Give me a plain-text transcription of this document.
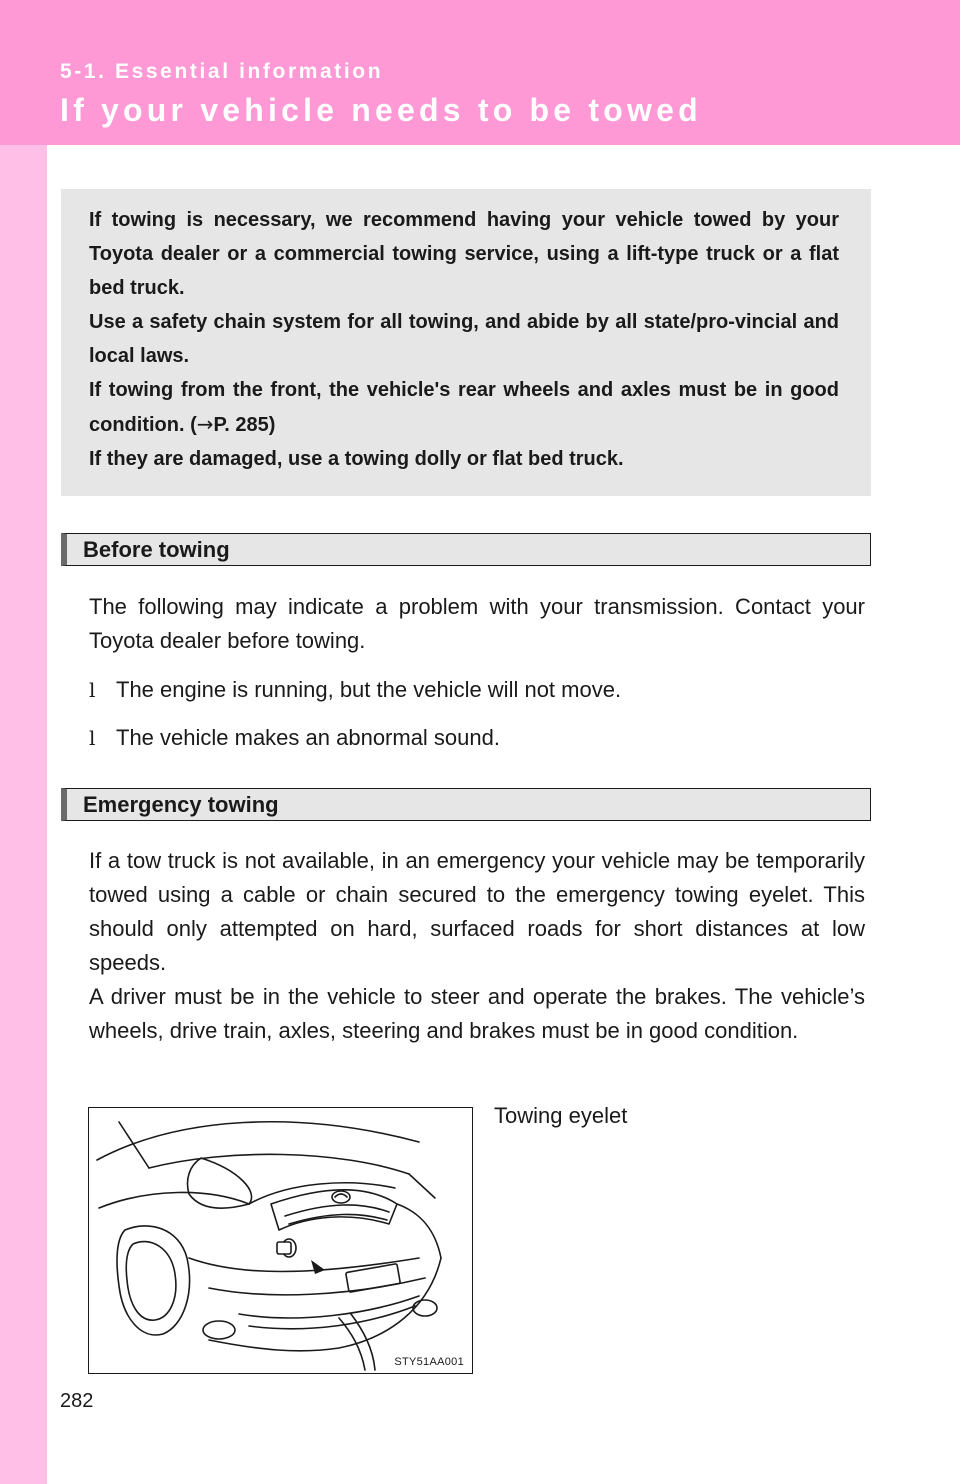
5-1. Essential information
If your vehicle needs to be towed

If towing is necessary, we recommend having your vehicle towed by your Toyota dealer or a commercial towing service, using a lift-type truck or a flat bed truck.

Use a safety chain system for all towing, and abide by all state/pro-vincial and local laws.

If towing from the front, the vehicle's rear wheels and axles must be in good condition. (→P. 285)

If they are damaged, use a towing dolly or flat bed truck.

Before towing

The following may indicate a problem with your transmission. Contact your Toyota dealer before towing.

l The engine is running, but the vehicle will not move.
l The vehicle makes an abnormal sound.
Emergency towing

If a tow truck is not available, in an emergency your vehicle may be temporarily towed using a cable or chain secured to the emergency towing eyelet. This should only attempted on hard, surfaced roads for short distances at low speeds.

A driver must be in the vehicle to steer and operate the brakes. The vehicle’s wheels, drive train, axles, steering and brakes must be in good condition.

STY51AA001
Towing eyelet
282
